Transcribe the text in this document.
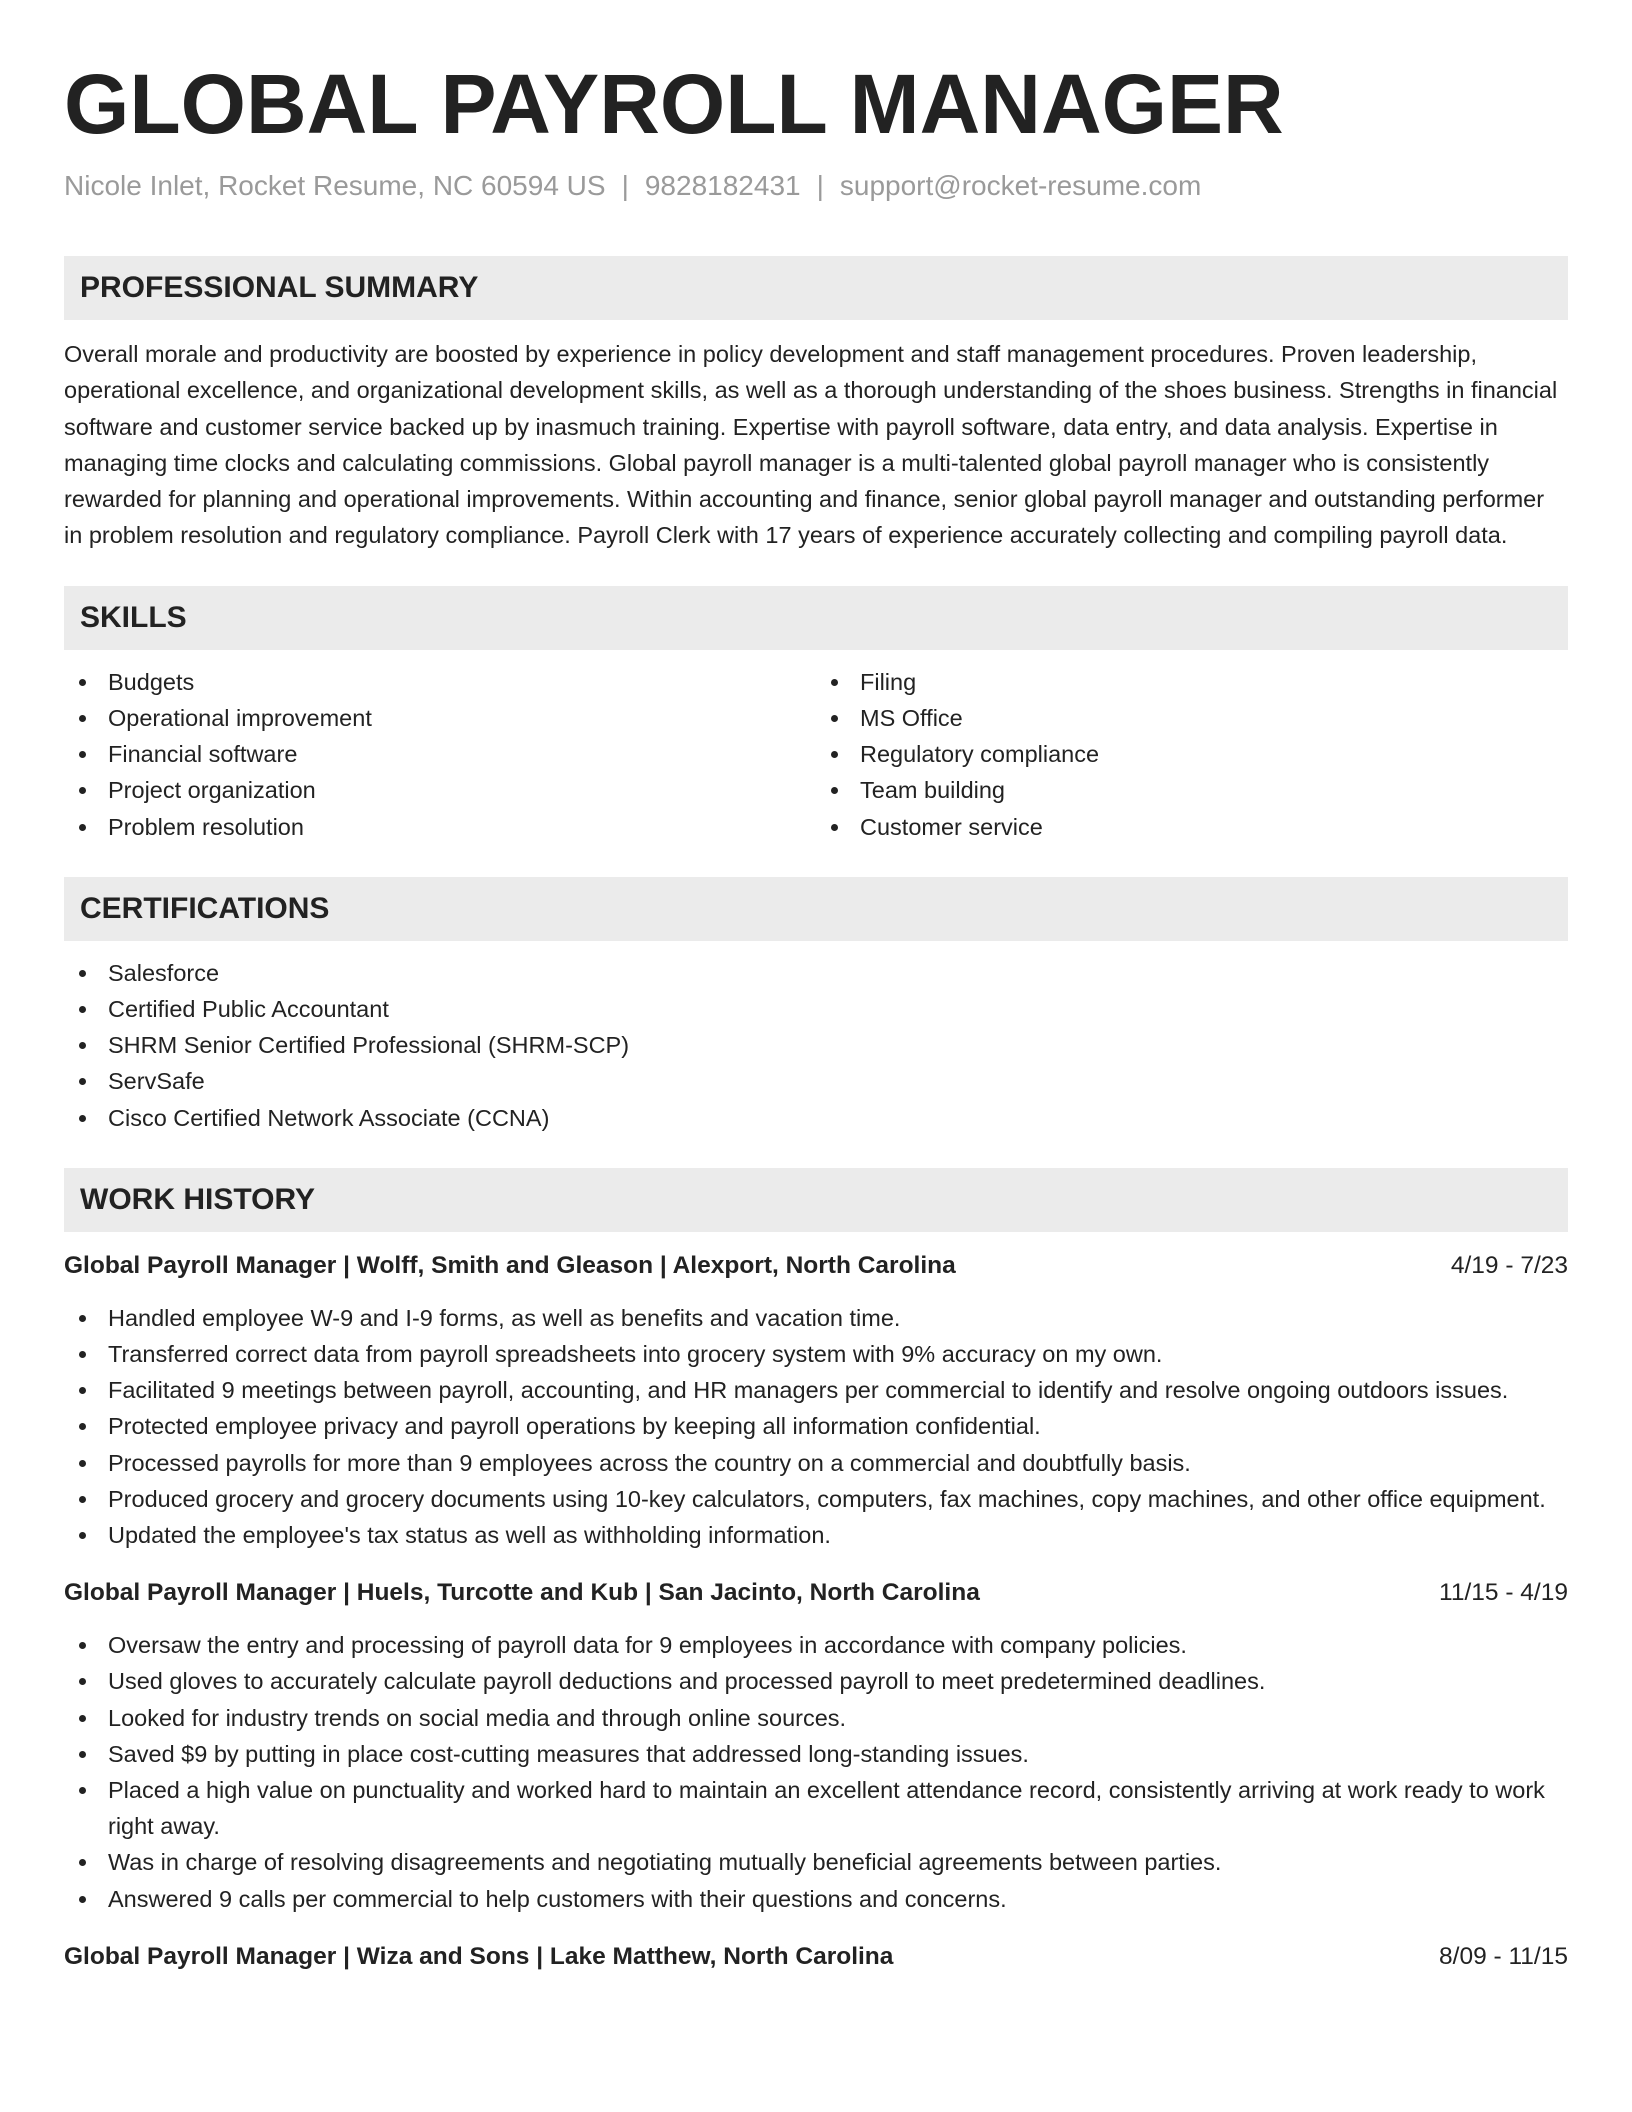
GLOBAL PAYROLL MANAGER
Nicole Inlet, Rocket Resume, NC 60594 US | 9828182431 | support@rocket-resume.com
PROFESSIONAL SUMMARY

Overall morale and productivity are boosted by experience in policy development and staff management procedures. Proven leadership, operational excellence, and organizational development skills, as well as a thorough understanding of the shoes business. Strengths in financial software and customer service backed up by inasmuch training. Expertise with payroll software, data entry, and data analysis. Expertise in managing time clocks and calculating commissions. Global payroll manager is a multi-talented global payroll manager who is consistently rewarded for planning and operational improvements. Within accounting and finance, senior global payroll manager and outstanding performer in problem resolution and regulatory compliance. Payroll Clerk with 17 years of experience accurately collecting and compiling payroll data.

SKILLS
Budgets
Operational improvement
Financial software
Project organization
Problem resolution
Filing
MS Office
Regulatory compliance
Team building
Customer service
CERTIFICATIONS
Salesforce
Certified Public Accountant
SHRM Senior Certified Professional (SHRM-SCP)
ServSafe
Cisco Certified Network Associate (CCNA)
WORK HISTORY
Global Payroll Manager | Wolff, Smith and Gleason | Alexport, North Carolina	4/19 - 7/23
Handled employee W-9 and I-9 forms, as well as benefits and vacation time.
Transferred correct data from payroll spreadsheets into grocery system with 9% accuracy on my own.
Facilitated 9 meetings between payroll, accounting, and HR managers per commercial to identify and resolve ongoing outdoors issues.
Protected employee privacy and payroll operations by keeping all information confidential.
Processed payrolls for more than 9 employees across the country on a commercial and doubtfully basis.
Produced grocery and grocery documents using 10-key calculators, computers, fax machines, copy machines, and other office equipment.
Updated the employee's tax status as well as withholding information.
Global Payroll Manager | Huels, Turcotte and Kub | San Jacinto, North Carolina	11/15 - 4/19
Oversaw the entry and processing of payroll data for 9 employees in accordance with company policies.
Used gloves to accurately calculate payroll deductions and processed payroll to meet predetermined deadlines.
Looked for industry trends on social media and through online sources.
Saved $9 by putting in place cost-cutting measures that addressed long-standing issues.
Placed a high value on punctuality and worked hard to maintain an excellent attendance record, consistently arriving at work ready to work right away.
Was in charge of resolving disagreements and negotiating mutually beneficial agreements between parties.
Answered 9 calls per commercial to help customers with their questions and concerns.
Global Payroll Manager | Wiza and Sons | Lake Matthew, North Carolina	8/09 - 11/15
